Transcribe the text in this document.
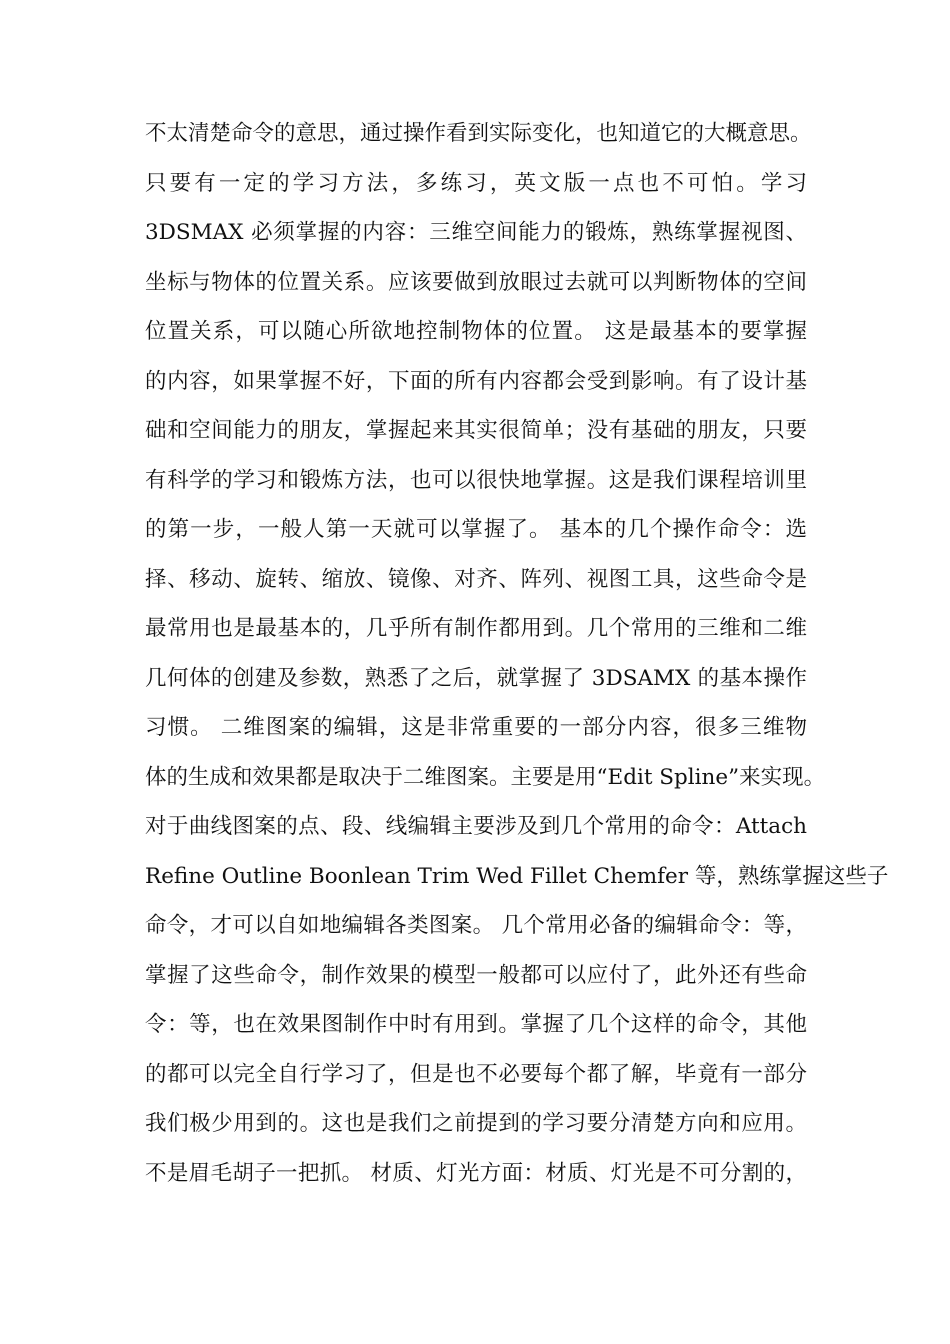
不太清楚命令的意思，通过操作看到实际变化，也知道它的大概意思。
只要有一定的学习方法，多练习，英文版一点也不可怕。学习
3DSMAX 必须掌握的内容：三维空间能力的锻炼，熟练掌握视图、
坐标与物体的位置关系。应该要做到放眼过去就可以判断物体的空间
位置关系，可以随心所欲地控制物体的位置。 这是最基本的要掌握
的内容，如果掌握不好，下面的所有内容都会受到影响。有了设计基
础和空间能力的朋友，掌握起来其实很简单；没有基础的朋友，只要
有科学的学习和锻炼方法，也可以很快地掌握。这是我们课程培训里
的第一步，一般人第一天就可以掌握了。 基本的几个操作命令：选
择、移动、旋转、缩放、镜像、对齐、阵列、视图工具，这些命令是
最常用也是最基本的，几乎所有制作都用到。几个常用的三维和二维
几何体的创建及参数，熟悉了之后，就掌握了 3DSAMX 的基本操作
习惯。 二维图案的编辑，这是非常重要的一部分内容，很多三维物
体的生成和效果都是取决于二维图案。主要是用“Edit Spline”来实现。
对于曲线图案的点、段、线编辑主要涉及到几个常用的命令：Attach
Refine Outline Boonlean Trim Wed Fillet Chemfer 等，熟练掌握这些子
命令，才可以自如地编辑各类图案。 几个常用必备的编辑命令：等，
掌握了这些命令，制作效果的模型一般都可以应付了，此外还有些命
令：等，也在效果图制作中时有用到。掌握了几个这样的命令，其他
的都可以完全自行学习了，但是也不必要每个都了解，毕竟有一部分
我们极少用到的。这也是我们之前提到的学习要分清楚方向和应用。
不是眉毛胡子一把抓。 材质、灯光方面：材质、灯光是不可分割的，
